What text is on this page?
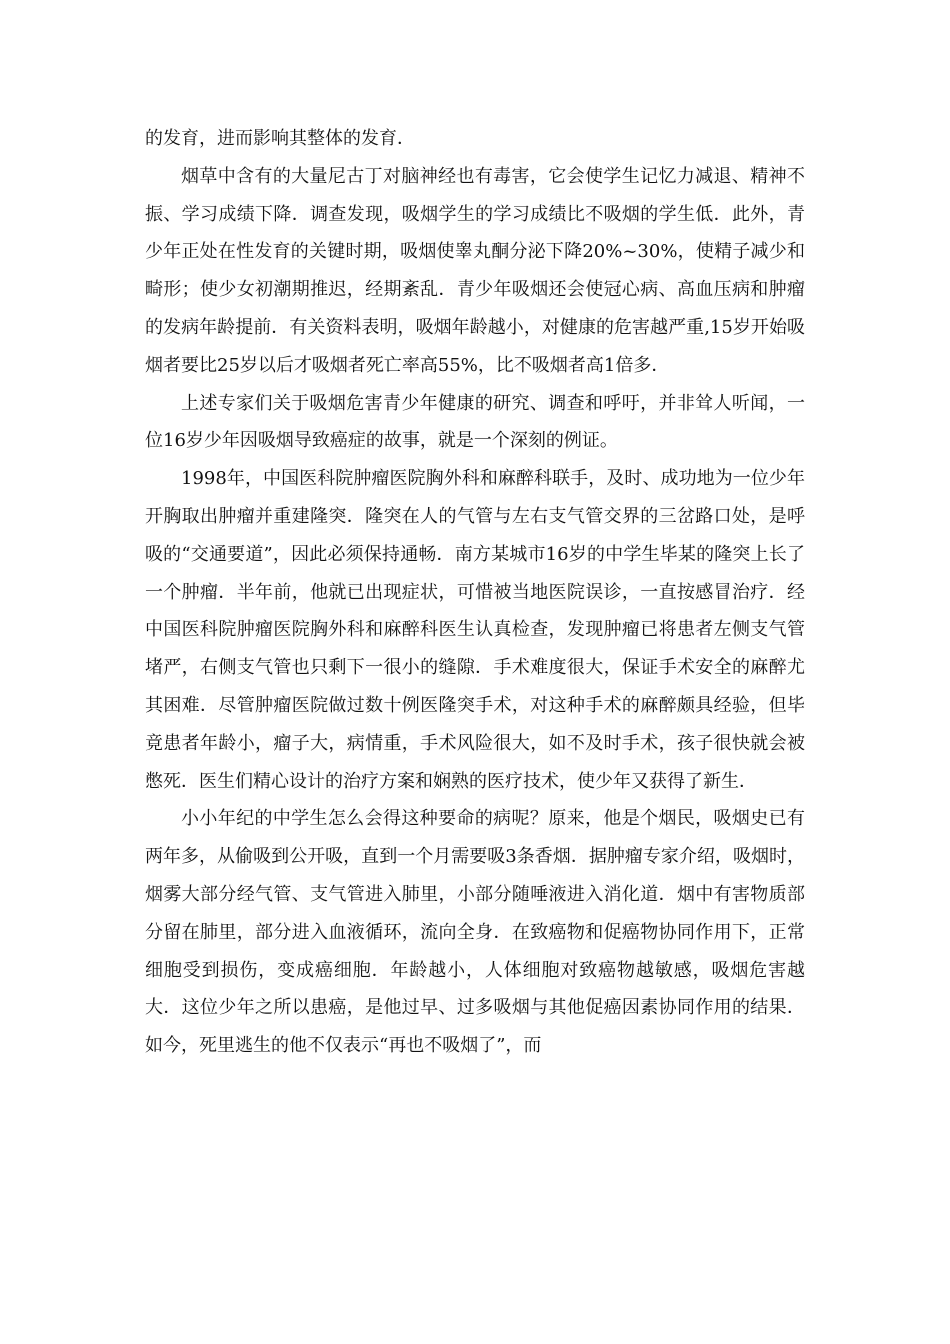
的发育，进而影响其整体的发育．

烟草中含有的大量尼古丁对脑神经也有毒害，它会使学生记忆力减退、精神不振、学习成绩下降．调查发现，吸烟学生的学习成绩比不吸烟的学生低．此外，青少年正处在性发育的关键时期，吸烟使睾丸酮分泌下降20%~30%，使精子减少和畸形；使少女初潮期推迟，经期紊乱．青少年吸烟还会使冠心病、高血压病和肿瘤的发病年龄提前．有关资料表明，吸烟年龄越小，对健康的危害越严重,15岁开始吸烟者要比25岁以后才吸烟者死亡率高55%，比不吸烟者高1倍多．

上述专家们关于吸烟危害青少年健康的研究、调查和呼吁，并非耸人听闻，一位16岁少年因吸烟导致癌症的故事，就是一个深刻的例证。

1998年，中国医科院肿瘤医院胸外科和麻醉科联手，及时、成功地为一位少年开胸取出肿瘤并重建隆突．隆突在人的气管与左右支气管交界的三岔路口处，是呼吸的“交通要道”，因此必须保持通畅．南方某城市16岁的中学生毕某的隆突上长了一个肿瘤．半年前，他就已出现症状，可惜被当地医院误诊，一直按感冒治疗．经中国医科院肿瘤医院胸外科和麻醉科医生认真检查，发现肿瘤已将患者左侧支气管堵严，右侧支气管也只剩下一很小的缝隙．手术难度很大，保证手术安全的麻醉尤其困难．尽管肿瘤医院做过数十例医隆突手术，对这种手术的麻醉颇具经验，但毕竟患者年龄小，瘤子大，病情重，手术风险很大，如不及时手术，孩子很快就会被憋死．医生们精心设计的治疗方案和娴熟的医疗技术，使少年又获得了新生．

小小年纪的中学生怎么会得这种要命的病呢？原来，他是个烟民，吸烟史已有两年多，从偷吸到公开吸，直到一个月需要吸3条香烟．据肿瘤专家介绍，吸烟时，烟雾大部分经气管、支气管进入肺里，小部分随唾液进入消化道．烟中有害物质部分留在肺里，部分进入血液循环，流向全身．在致癌物和促癌物协同作用下，正常细胞受到损伤，变成癌细胞．年龄越小，人体细胞对致癌物越敏感，吸烟危害越大．这位少年之所以患癌，是他过早、过多吸烟与其他促癌因素协同作用的结果．如今，死里逃生的他不仅表示“再也不吸烟了”，而
